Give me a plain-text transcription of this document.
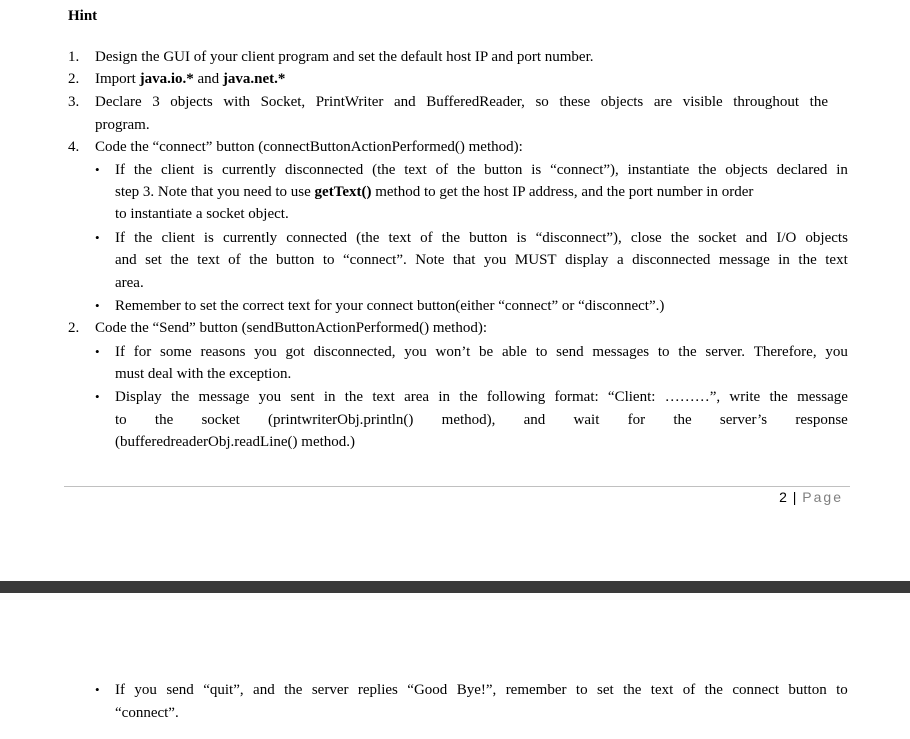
Hint
1. Design the GUI of your client program and set the default host IP and port number.
2. Import java.io.* and java.net.*
3. Declare 3 objects with Socket, PrintWriter and BufferedReader, so these objects are visible throughout the
program.
4. Code the “connect” button (connectButtonActionPerformed() method):
• If the client is currently disconnected (the text of the button is “connect”), instantiate the objects declared in
step 3. Note that you need to use getText() method to get the host IP address, and the port number in order
to instantiate a socket object.
• If the client is currently connected (the text of the button is “disconnect”), close the socket and I/O objects
and set the text of the button to “connect”. Note that you MUST display a disconnected message in the text
area.
• Remember to set the correct text for your connect button(either “connect” or “disconnect”.)
2. Code the “Send” button (sendButtonActionPerformed() method):
• If for some reasons you got disconnected, you won’t be able to send messages to the server. Therefore, you
must deal with the exception.
• Display the message you sent in the text area in the following format: “Client: ………”, write the message
to the socket (printwriterObj.println() method), and wait for the server’s response
(bufferedreaderObj.readLine() method.)
2 | Page
• If you send “quit”, and the server replies “Good Bye!”, remember to set the text of the connect button to
“connect”.
